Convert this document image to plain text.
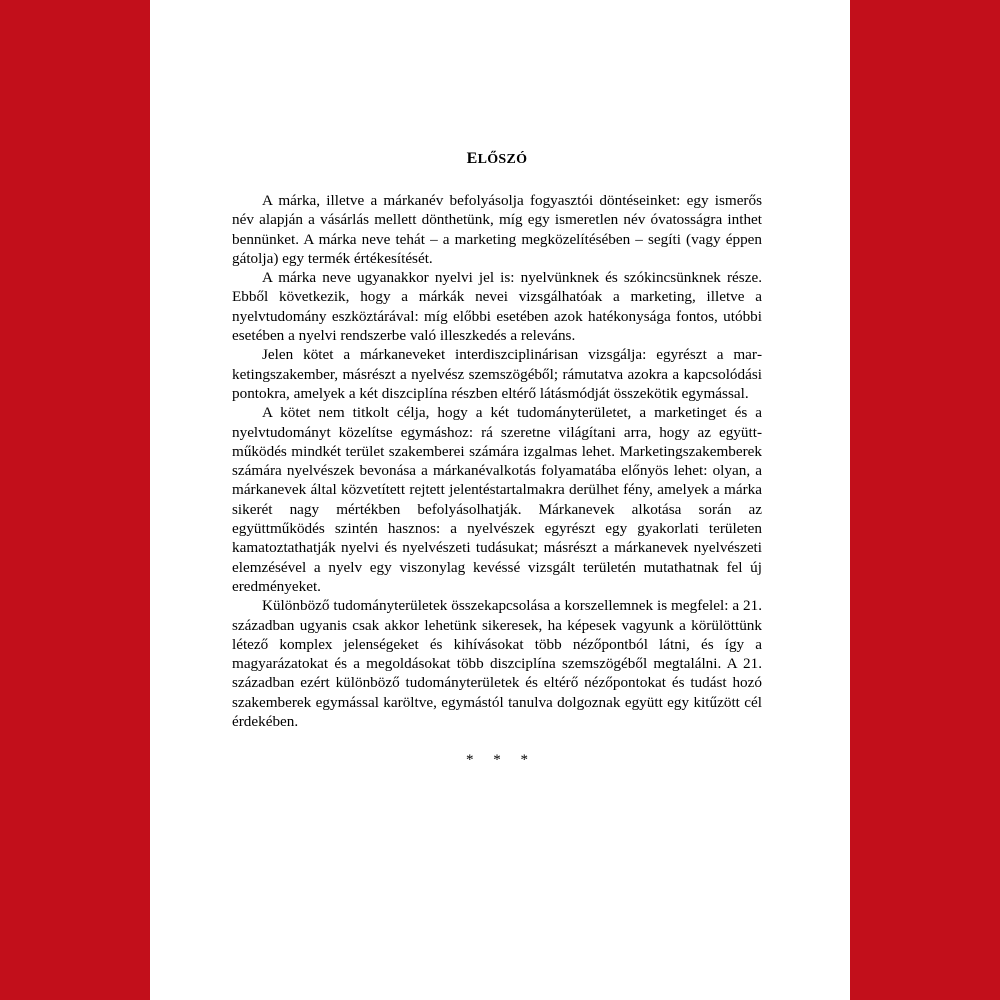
ELŐSZÓ

A márka, illetve a márkanév befolyásolja fogyasztói döntéseinket: egy ismerős név alapján a vásárlás mellett dönthetünk, míg egy ismeretlen név óvatosságra inthet bennünket. A márka neve tehát – a marketing megközelítésében – segíti (vagy éppen gátolja) egy termék értékesítését.

A márka neve ugyanakkor nyelvi jel is: nyelvünknek és szókincsünknek része. Ebből következik, hogy a márkák nevei vizsgálhatóak a marketing, illetve a nyelvtudomány eszköztárával: míg előbbi esetében azok hatékonysága fontos, utóbbi esetében a nyelvi rendszerbe való illeszkedés a releváns.

Jelen kötet a márkaneveket interdiszciplinárisan vizsgálja: egyrészt a marketingszakember, másrészt a nyelvész szemszögéből; rámutatva azokra a kapcsolódási pontokra, amelyek a két diszciplína részben eltérő látásmódját összekötik egymással.

A kötet nem titkolt célja, hogy a két tudományterületet, a marketinget és a nyelvtudományt közelítse egymáshoz: rá szeretne világítani arra, hogy az együttműködés mindkét terület szakemberei számára izgalmas lehet. Marketingszakemberek számára nyelvészek bevonása a márkanévalkotás folyamatába előnyös lehet: olyan, a márkanevek által közvetített rejtett jelentéstartalmakra derülhet fény, amelyek a márka sikerét nagy mértékben befolyásolhatják. Márkanevek alkotása során az együttműködés szintén hasznos: a nyelvészek egyrészt egy gyakorlati területen kamatoztathatják nyelvi és nyelvészeti tudásukat; másrészt a márkanevek nyelvészeti elemzésével a nyelv egy viszonylag kevéssé vizsgált területén mutathatnak fel új eredményeket.

Különböző tudományterületek összekapcsolása a korszellemnek is megfelel: a 21. században ugyanis csak akkor lehetünk sikeresek, ha képesek vagyunk a körülöttünk létező komplex jelenségeket és kihívásokat több nézőpontból látni, és így a magyarázatokat és a megoldásokat több diszciplína szemszögéből megtalálni. A 21. században ezért különböző tudományterületek és eltérő nézőpontokat és tudást hozó szakemberek egymással karöltve, egymástól tanulva dolgoznak együtt egy kitűzött cél érdekében.

* * *
